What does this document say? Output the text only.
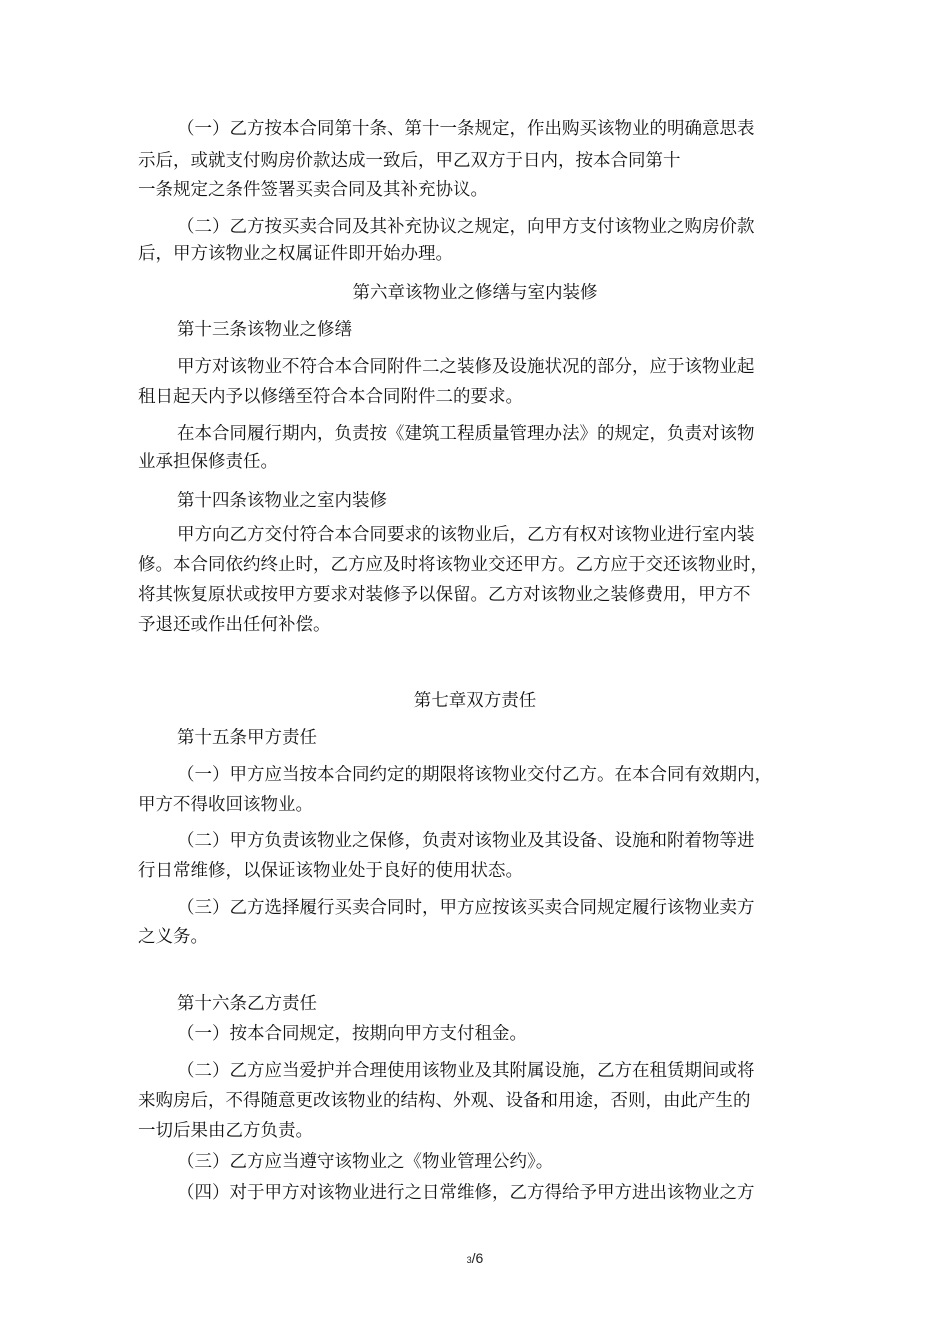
（一）乙方按本合同第十条、第十一条规定，作出购买该物业的明确意思表
示后，或就支付购房价款达成一致后，甲乙双方于日内，按本合同第十
一条规定之条件签署买卖合同及其补充协议。
（二）乙方按买卖合同及其补充协议之规定，向甲方支付该物业之购房价款
后，甲方该物业之权属证件即开始办理。
第六章该物业之修缮与室内装修
第十三条该物业之修缮
甲方对该物业不符合本合同附件二之装修及设施状况的部分，应于该物业起
租日起天内予以修缮至符合本合同附件二的要求。
在本合同履行期内，负责按《建筑工程质量管理办法》的规定，负责对该物
业承担保修责任。
第十四条该物业之室内装修
甲方向乙方交付符合本合同要求的该物业后，乙方有权对该物业进行室内装
修。本合同依约终止时，乙方应及时将该物业交还甲方。乙方应于交还该物业时，
将其恢复原状或按甲方要求对装修予以保留。乙方对该物业之装修费用，甲方不
予退还或作出任何补偿。
第七章双方责任
第十五条甲方责任
（一）甲方应当按本合同约定的期限将该物业交付乙方。在本合同有效期内，
甲方不得收回该物业。
（二）甲方负责该物业之保修，负责对该物业及其设备、设施和附着物等进
行日常维修，以保证该物业处于良好的使用状态。
（三）乙方选择履行买卖合同时，甲方应按该买卖合同规定履行该物业卖方
之义务。
第十六条乙方责任
（一）按本合同规定，按期向甲方支付租金。
（二）乙方应当爱护并合理使用该物业及其附属设施，乙方在租赁期间或将
来购房后，不得随意更改该物业的结构、外观、设备和用途，否则，由此产生的
一切后果由乙方负责。
（三）乙方应当遵守该物业之《物业管理公约》。
（四）对于甲方对该物业进行之日常维修，乙方得给予甲方进出该物业之方
3/6
